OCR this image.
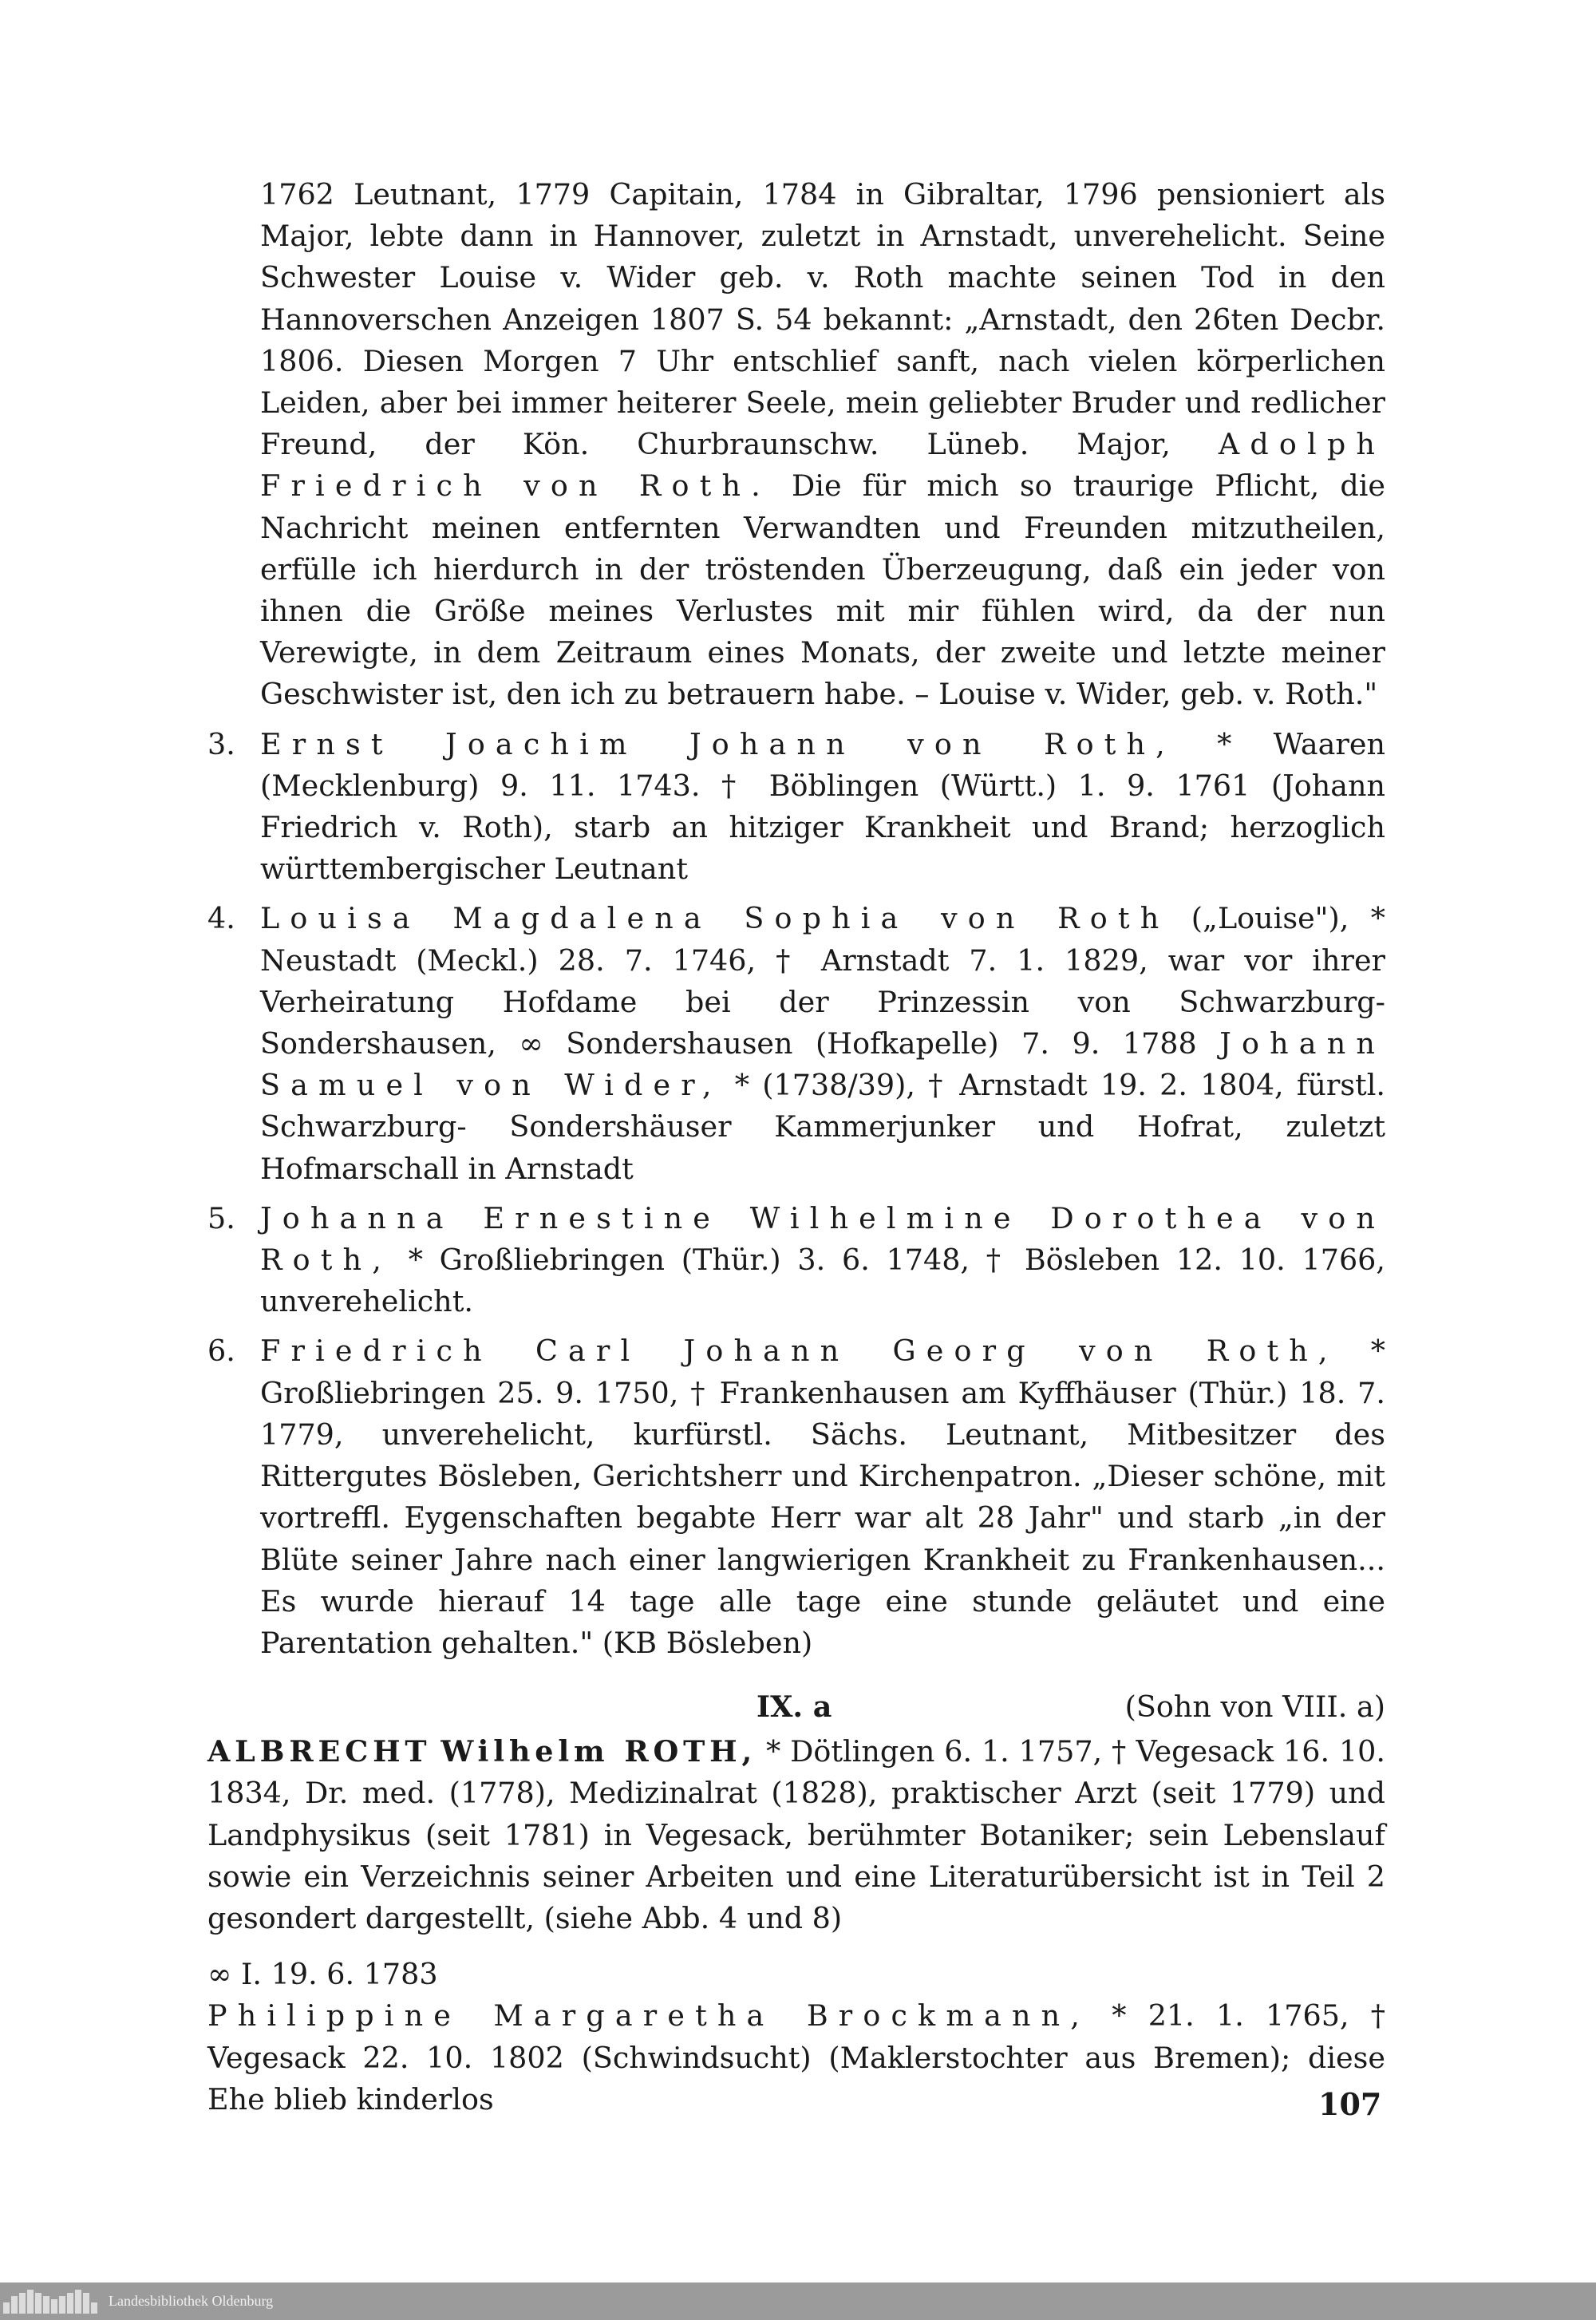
1762 Leutnant, 1779 Capitain, 1784 in Gibraltar, 1796 pensioniert als Major, lebte dann in Hannover, zuletzt in Arnstadt, unverehelicht. Seine Schwester Louise v. Wider geb. v. Roth machte seinen Tod in den Hannoverschen Anzeigen 1807 S. 54 bekannt: „Arnstadt, den 26ten Decbr. 1806. Diesen Morgen 7 Uhr entschlief sanft, nach vielen körperlichen Leiden, aber bei immer heiterer Seele, mein geliebter Bruder und redlicher Freund, der Kön. Churbraunschw. Lüneb. Major, Adolph Friedrich von Roth. Die für mich so traurige Pflicht, die Nachricht meinen entfernten Verwandten und Freunden mitzutheilen, erfülle ich hierdurch in der tröstenden Überzeugung, daß ein jeder von ihnen die Größe meines Verlustes mit mir fühlen wird, da der nun Verewigte, in dem Zeitraum eines Monats, der zweite und letzte meiner Geschwister ist, den ich zu betrauern habe. – Louise v. Wider, geb. v. Roth."

3. Ernst Joachim Johann von Roth, * Waaren (Mecklenburg) 9. 11. 1743. † Böblingen (Württ.) 1. 9. 1761 (Johann Friedrich v. Roth), starb an hitziger Krankheit und Brand; herzoglich württembergischer Leutnant

4. Louisa Magdalena Sophia von Roth („Louise"), * Neustadt (Meckl.) 28. 7. 1746, † Arnstadt 7. 1. 1829, war vor ihrer Verheiratung Hofdame bei der Prinzessin von Schwarzburg-Sondershausen, ∞ Sondershausen (Hofkapelle) 7. 9. 1788 Johann Samuel von Wider, * (1738/39), † Arnstadt 19. 2. 1804, fürstl. Schwarzburg- Sondershäuser Kammerjunker und Hofrat, zuletzt Hofmarschall in Arnstadt

5. Johanna Ernestine Wilhelmine Dorothea von Roth, * Großliebringen (Thür.) 3. 6. 1748, † Bösleben 12. 10. 1766, unverehelicht.

6. Friedrich Carl Johann Georg von Roth, * Großliebringen 25. 9. 1750, † Frankenhausen am Kyffhäuser (Thür.) 18. 7. 1779, unverehelicht, kurfürstl. Sächs. Leutnant, Mitbesitzer des Rittergutes Bösleben, Gerichtsherr und Kirchenpatron. „Dieser schöne, mit vortreffl. Eygenschaften begabte Herr war alt 28 Jahr" und starb „in der Blüte seiner Jahre nach einer langwierigen Krankheit zu Frankenhausen... Es wurde hierauf 14 tage alle tage eine stunde geläutet und eine Parentation gehalten." (KB Bösleben)

IX. a	(Sohn von VIII. a)

ALBRECHT Wilhelm ROTH, * Dötlingen 6. 1. 1757, † Vegesack 16. 10. 1834, Dr. med. (1778), Medizinalrat (1828), praktischer Arzt (seit 1779) und Landphysikus (seit 1781) in Vegesack, berühmter Botaniker; sein Lebenslauf sowie ein Verzeichnis seiner Arbeiten und eine Literaturübersicht ist in Teil 2 gesondert dargestellt, (siehe Abb. 4 und 8)

∞ I. 19. 6. 1783

Philippine Margaretha Brockmann, * 21. 1. 1765, † Vegesack 22. 10. 1802 (Schwindsucht) (Maklerstochter aus Bremen); diese Ehe blieb kinderlos	107
Landesbibliothek Oldenburg
